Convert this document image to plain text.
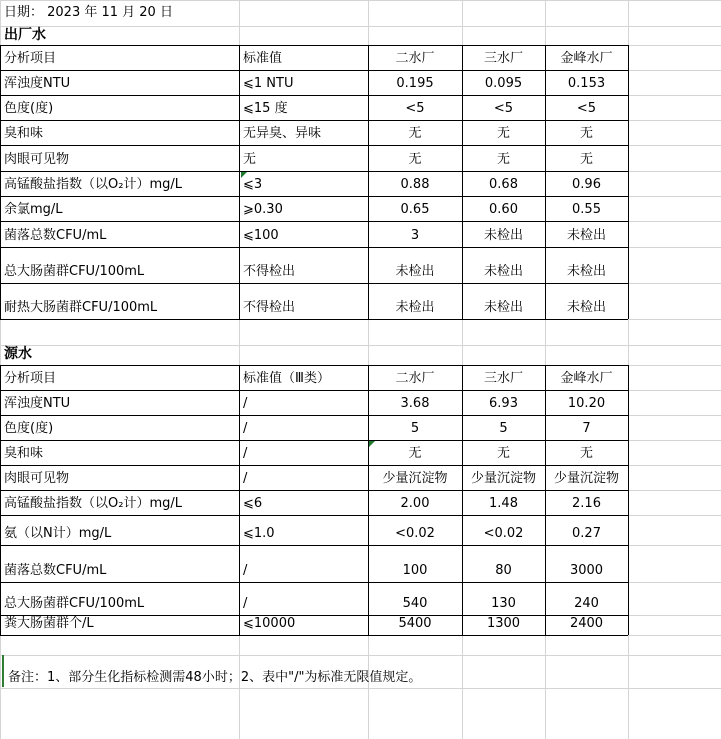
日期： 2023 年 11 月 20 日
出厂水
分析项目	标准值	二水厂	三水厂	金峰水厂
浑浊度NTU	⩽1 NTU	0.195	0.095	0.153
色度(度)	⩽15 度	<5	<5	<5
臭和味	无异臭、异味	无	无	无
肉眼可见物	无	无	无	无
高锰酸盐指数（以O₂计）mg/L	⩽3	0.88	0.68	0.96
余氯mg/L	⩾0.30	0.65	0.60	0.55
菌落总数CFU/mL	⩽100	3	未检出	未检出
总大肠菌群CFU/100mL	不得检出	未检出	未检出	未检出
耐热大肠菌群CFU/100mL	不得检出	未检出	未检出	未检出
源水
分析项目	标准值（Ⅲ类）	二水厂	三水厂	金峰水厂
浑浊度NTU	/	3.68	6.93	10.20
色度(度)	/	5	5	7
臭和味	/	无	无	无
肉眼可见物	/	少量沉淀物	少量沉淀物	少量沉淀物
高锰酸盐指数（以O₂计）mg/L	⩽6	2.00	1.48	2.16
氨（以N计）mg/L	⩽1.0	<0.02	<0.02	0.27
菌落总数CFU/mL	/	100	80	3000
总大肠菌群CFU/100mL	/	540	130	240
粪大肠菌群个/L	⩽10000	5400	1300	2400
备注：1、部分生化指标检测需48小时；2、表中"/"为标准无限值规定。
